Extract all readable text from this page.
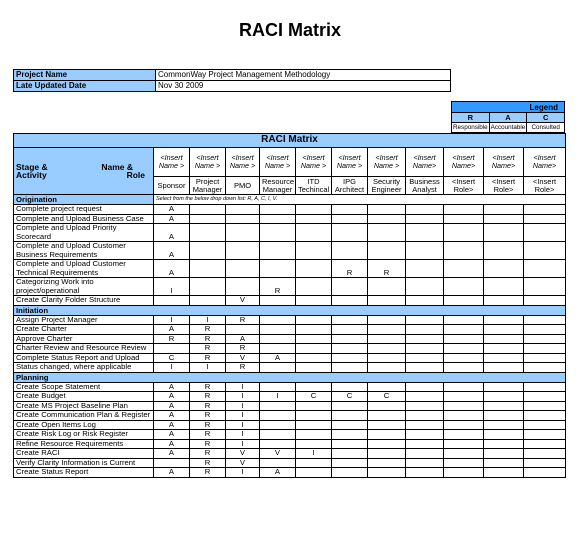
RACI Matrix
Project Name	CommonWay Project Management Methodology
Late Updated Date	Nov 30 2009
Legend		
R	A	C
Responsible	Accountable	Consulted
RACI Matrix											

Stage & Name &
Activity Role	<Insert Name >	<Insert Name >	<Insert Name >	<Insert Name >	<Insert Name >	<Insert Name >	<Insert Name >	<Insert Name>	<Insert Name>	<Insert Name>	<Insert Name>
	Sponsor	Project Manager	PMO	Resource Manager	ITD Techincal	IPG Architect	Security Engineer	Business Analyst	<Insert Role>	<Insert Role>	<Insert Role>
Origination	Select from the below drop down list: R, A, C, I, V.										
Complete project request	A										
Complete and Upload Business Case	A										
Complete and Upload Priority Scorecard	A										
Complete and Upload Customer Business Requirements	A										
Complete and Upload Customer Technical Requirements	A					R	R				
Categorizing Work into project/operational	I			R							
Create Clarity Folder Structure			V								
Initiation											
Assign Project Manager	I	I	R								
Create Charter	A	R									
Approve Charter	R	R	A								
Charter Review and Resource Review		R	R								
Complete Status Report and Upload	C	R	V	A							
Status changed, where applicable	I	I	R								
Planning											
Create Scope Statement	A	R	I								
Create Budget	A	R	I	I	C	C	C				
Create MS Project Baseline Plan	A	R	I								
Create Communication Plan & Register	A	R	I								
Create Open Items Log	A	R	I								
Create Risk Log or Risk Register	A	R	I								
Refine Resource Requirements	A	R	I								
Create RACI	A	R	V	V	I						
Verify Clarity Information is Current		R	V								
Create Status Report	A	R	I	A							
